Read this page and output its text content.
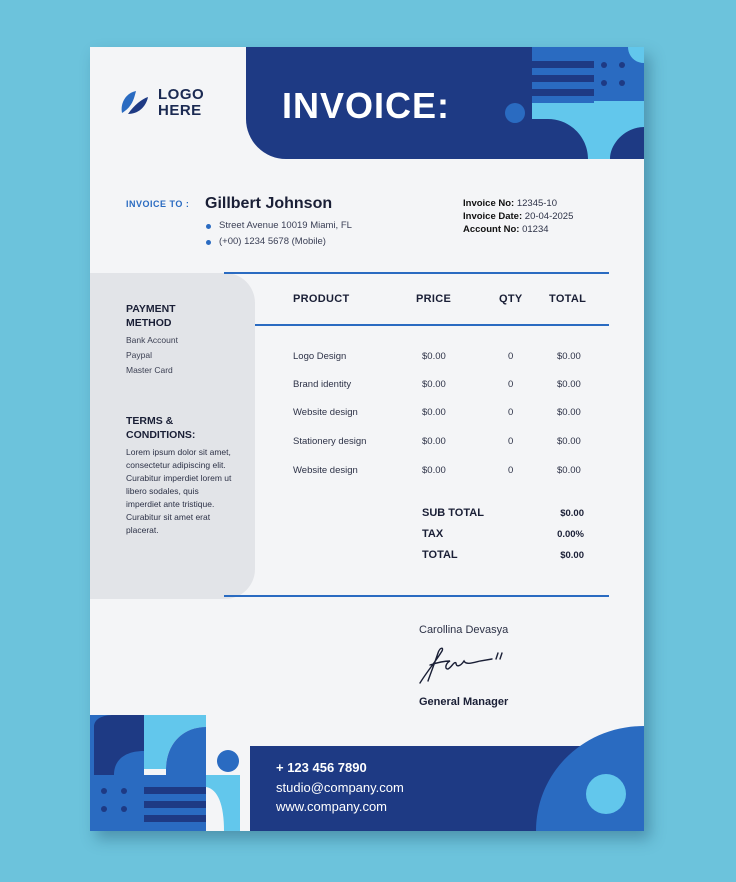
LOGO
HERE INVOICE:
INVOICE TO : Gillbert Johnson
Street Avenue 10019 Miami, FL
(+00) 1234 5678 (Mobile)
Invoice No: 12345-10
Invoice Date: 20-04-2025
Account No: 01234
PAYMENT METHOD
Bank Account
Paypal
Master Card
TERMS & CONDITIONS:
Lorem ipsum dolor sit amet, consectetur adipiscing elit. Curabitur imperdiet lorem ut libero sodales, quis imperdiet ante tristique. Curabitur sit amet erat placerat.
PRODUCT	PRICE	QTY TOTAL
Logo Design	$0.00	0	$0.00
Brand identity	$0.00	0	$0.00
Website design	$0.00	0	$0.00
Stationery design	$0.00	0	$0.00
Website design	$0.00	0	$0.00
SUB TOTAL	$0.00
TAX	0.00%
TOTAL	$0.00
Carollina Devasya
General Manager
+ 123 456 7890
studio@company.com
www.company.com
